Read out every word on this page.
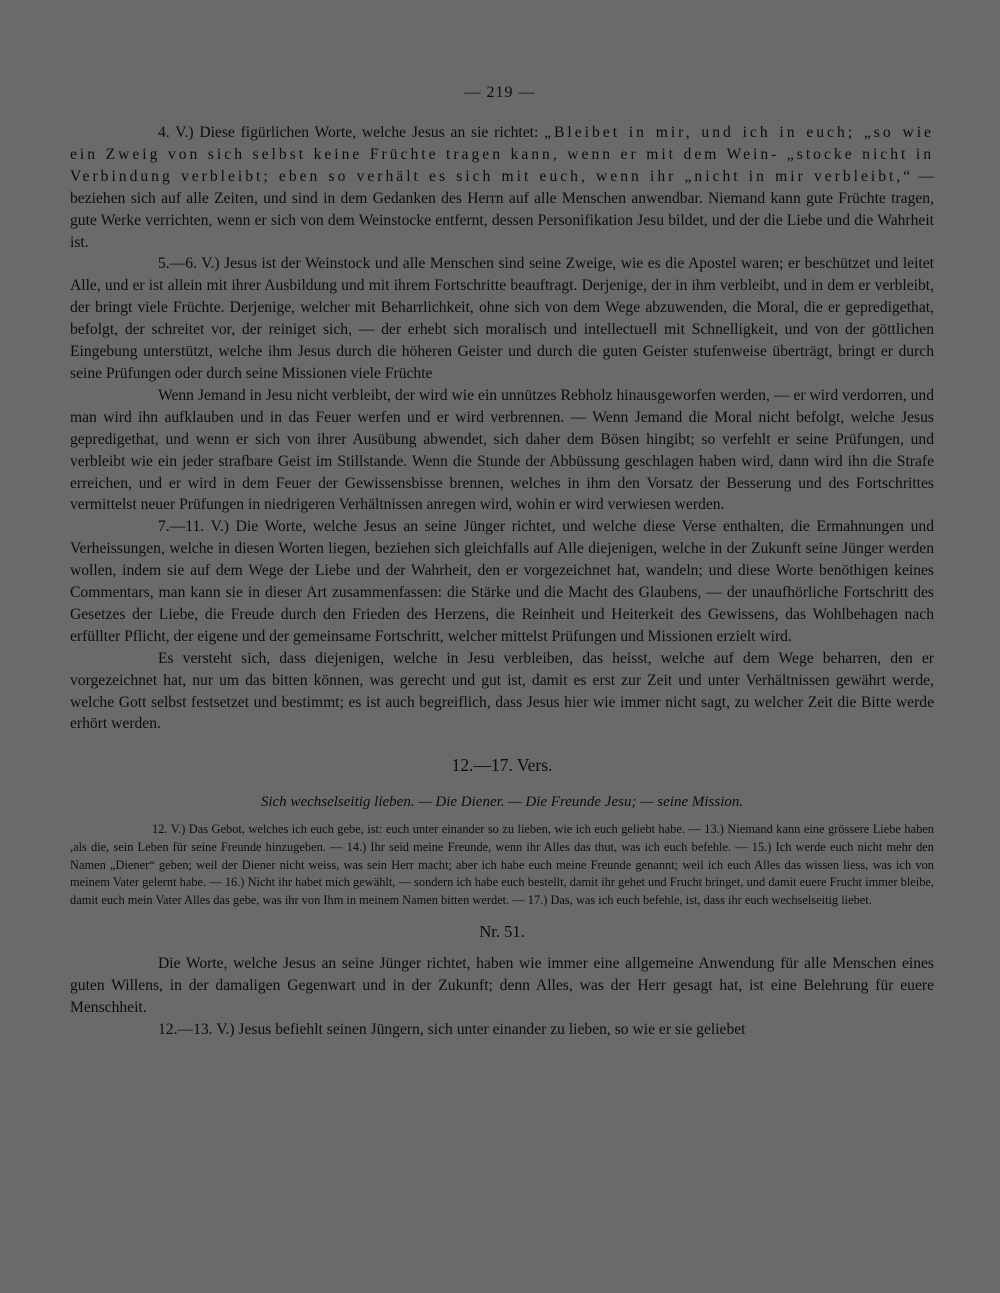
— 219 —

4. V.) Diese figürlichen Worte, welche Jesus an sie richtet: „Bleibet in mir, und ich in euch; „so wie ein Zweig von sich selbst keine Früchte tragen kann, wenn er mit dem Wein- „stocke nicht in Verbindung verbleibt; eben so verhält es sich mit euch, wenn ihr „nicht in mir verbleibt,“ — beziehen sich auf alle Zeiten, und sind in dem Gedanken des Herrn auf alle Menschen anwendbar. Niemand kann gute Früchte tragen, gute Werke verrichten, wenn er sich von dem Weinstocke entfernt, dessen Personifikation Jesu bildet, und der die Liebe und die Wahrheit ist.

5.—6. V.) Jesus ist der Weinstock und alle Menschen sind seine Zweige, wie es die Apostel waren; er beschützet und leitet Alle, und er ist allein mit ihrer Ausbildung und mit ihrem Fortschritte beauftragt. Derjenige, der in ihm verbleibt, und in dem er verbleibt, der bringt viele Früchte. Derjenige, welcher mit Beharrlichkeit, ohne sich von dem Wege abzuwenden, die Moral, die er gepredigethat, befolgt, der schreitet vor, der reiniget sich, — der erhebt sich moralisch und intellectuell mit Schnelligkeit, und von der göttlichen Eingebung unterstützt, welche ihm Jesus durch die höheren Geister und durch die guten Geister stufenweise überträgt, bringt er durch seine Prüfungen oder durch seine Missionen viele Früchte

Wenn Jemand in Jesu nicht verbleibt, der wird wie ein unnützes Rebholz hinausgeworfen werden, — er wird verdorren, und man wird ihn aufklauben und in das Feuer werfen und er wird verbrennen. — Wenn Jemand die Moral nicht befolgt, welche Jesus gepredigethat, und wenn er sich von ihrer Ausübung abwendet, sich daher dem Bösen hingibt; so verfehlt er seine Prüfungen, und verbleibt wie ein jeder strafbare Geist im Stillstande. Wenn die Stunde der Abbüssung geschlagen haben wird, dann wird ihn die Strafe erreichen, und er wird in dem Feuer der Gewissensbisse brennen, welches in ihm den Vorsatz der Besserung und des Fortschrittes vermittelst neuer Prüfungen in niedrigeren Verhältnissen anregen wird, wohin er wird verwiesen werden.

7.—11. V.) Die Worte, welche Jesus an seine Jünger richtet, und welche diese Verse enthalten, die Ermahnungen und Verheissungen, welche in diesen Worten liegen, beziehen sich gleichfalls auf Alle diejenigen, welche in der Zukunft seine Jünger werden wollen, indem sie auf dem Wege der Liebe und der Wahrheit, den er vorgezeichnet hat, wandeln; und diese Worte benöthigen keines Commentars, man kann sie in dieser Art zusammenfassen: die Stärke und die Macht des Glaubens, — der unaufhörliche Fortschritt des Gesetzes der Liebe, die Freude durch den Frieden des Herzens, die Reinheit und Heiterkeit des Gewissens, das Wohlbehagen nach erfüllter Pflicht, der eigene und der gemeinsame Fortschritt, welcher mittelst Prüfungen und Missionen erzielt wird.

Es versteht sich, dass diejenigen, welche in Jesu verbleiben, das heisst, welche auf dem Wege beharren, den er vorgezeichnet hat, nur um das bitten können, was gerecht und gut ist, damit es erst zur Zeit und unter Verhältnissen gewährt werde, welche Gott selbst festsetzet und bestimmt; es ist auch begreiflich, dass Jesus hier wie immer nicht sagt, zu welcher Zeit die Bitte werde erhört werden.

12.—17. Vers.
Sich wechselseitig lieben. — Die Diener. — Die Freunde Jesu; — seine Mission.

12. V.) Das Gebot, welches ich euch gebe, ist: euch unter einander so zu lieben, wie ich euch geliebt habe. — 13.) Niemand kann eine grössere Liebe haben ,als die, sein Leben für seine Freunde hinzugeben. — 14.) Ihr seid meine Freunde, wenn ihr Alles das thut, was ich euch befehle. — 15.) Ich werde euch nicht mehr den Namen „Diener“ geben; weil der Diener nicht weiss, was sein Herr macht; aber ich habe euch meine Freunde genannt; weil ich euch Alles das wissen liess, was ich von meinem Vater gelernt habe. — 16.) Nicht ihr habet mich gewählt, — sondern ich habe euch bestellt, damit ihr gehet und Frucht bringet, und damit euere Frucht immer bleibe, damit euch mein Vater Alles das gebe, was ihr von Ihm in meinem Namen bitten werdet. — 17.) Das, was ich euch befehle, ist, dass ihr euch wechselseitig liebet.

Nr. 51.

Die Worte, welche Jesus an seine Jünger richtet, haben wie immer eine allgemeine Anwendung für alle Menschen eines guten Willens, in der damaligen Gegenwart und in der Zukunft; denn Alles, was der Herr gesagt hat, ist eine Belehrung für euere Menschheit.

12.—13. V.) Jesus befiehlt seinen Jüngern, sich unter einander zu lieben, so wie er sie geliebet
